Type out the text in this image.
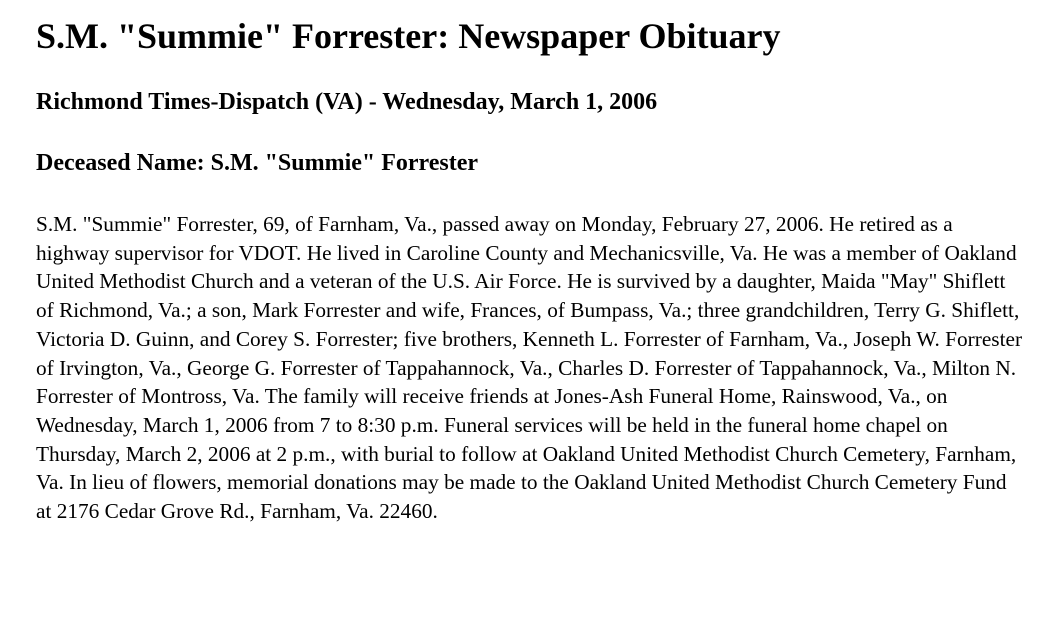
S.M. "Summie" Forrester: Newspaper Obituary
Richmond Times-Dispatch (VA) - Wednesday, March 1, 2006
Deceased Name: S.M. "Summie" Forrester

S.M. "Summie" Forrester, 69, of Farnham, Va., passed away on Monday, February 27, 2006. He retired as a highway supervisor for VDOT. He lived in Caroline County and Mechanicsville, Va. He was a member of Oakland United Methodist Church and a veteran of the U.S. Air Force. He is survived by a daughter, Maida "May" Shiflett of Richmond, Va.; a son, Mark Forrester and wife, Frances, of Bumpass, Va.; three grandchildren, Terry G. Shiflett, Victoria D. Guinn, and Corey S. Forrester; five brothers, Kenneth L. Forrester of Farnham, Va., Joseph W. Forrester of Irvington, Va., George G. Forrester of Tappahannock, Va., Charles D. Forrester of Tappahannock, Va., Milton N. Forrester of Montross, Va. The family will receive friends at Jones-Ash Funeral Home, Rainswood, Va., on Wednesday, March 1, 2006 from 7 to 8:30 p.m. Funeral services will be held in the funeral home chapel on Thursday, March 2, 2006 at 2 p.m., with burial to follow at Oakland United Methodist Church Cemetery, Farnham, Va. In lieu of flowers, memorial donations may be made to the Oakland United Methodist Church Cemetery Fund at 2176 Cedar Grove Rd., Farnham, Va. 22460.
